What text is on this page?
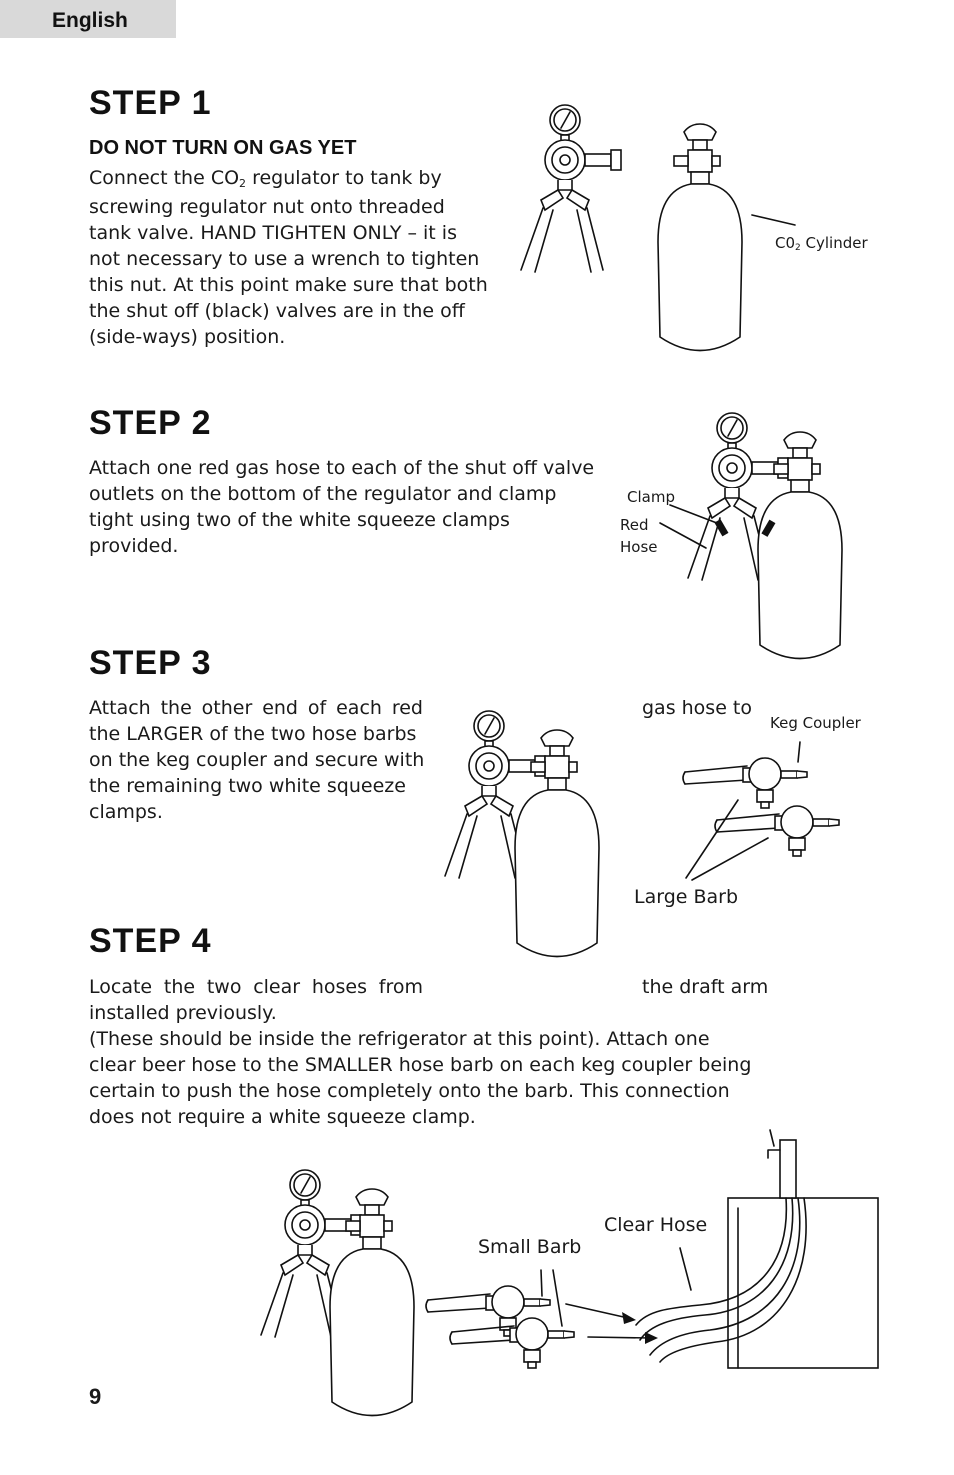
English
STEP 1
DO NOT TURN ON GAS YET
Connect the $CO_2$ regulator to tank by screwing regulator nut onto threaded tank valve. HAND TIGHTEN ONLY – it is not necessary to use a wrench to tighten this nut. At this point make sure that both the shut off (black) valves are in the off (side-ways) position.
$C0_2$ Cylinder
STEP 2
Attach one red gas hose to each of the shut off valve outlets on the bottom of the regulator and clamp tight using two of the white squeeze clamps provided.
Clamp
Red
Hose
STEP 3
Attach the other end of each red	gas hose to
the LARGER of the two hose barbs on the keg coupler and secure with the remaining two white squeeze clamps.
Keg Coupler
Large Barb
STEP 4
Locate the two clear hoses from	the draft arm
installed previously.
(These should be inside the refrigerator at this point). Attach one clear beer hose to the SMALLER hose barb on each keg coupler being certain to push the hose completely onto the barb. This connection does not require a white squeeze clamp.
Small Barb
Clear Hose
9
